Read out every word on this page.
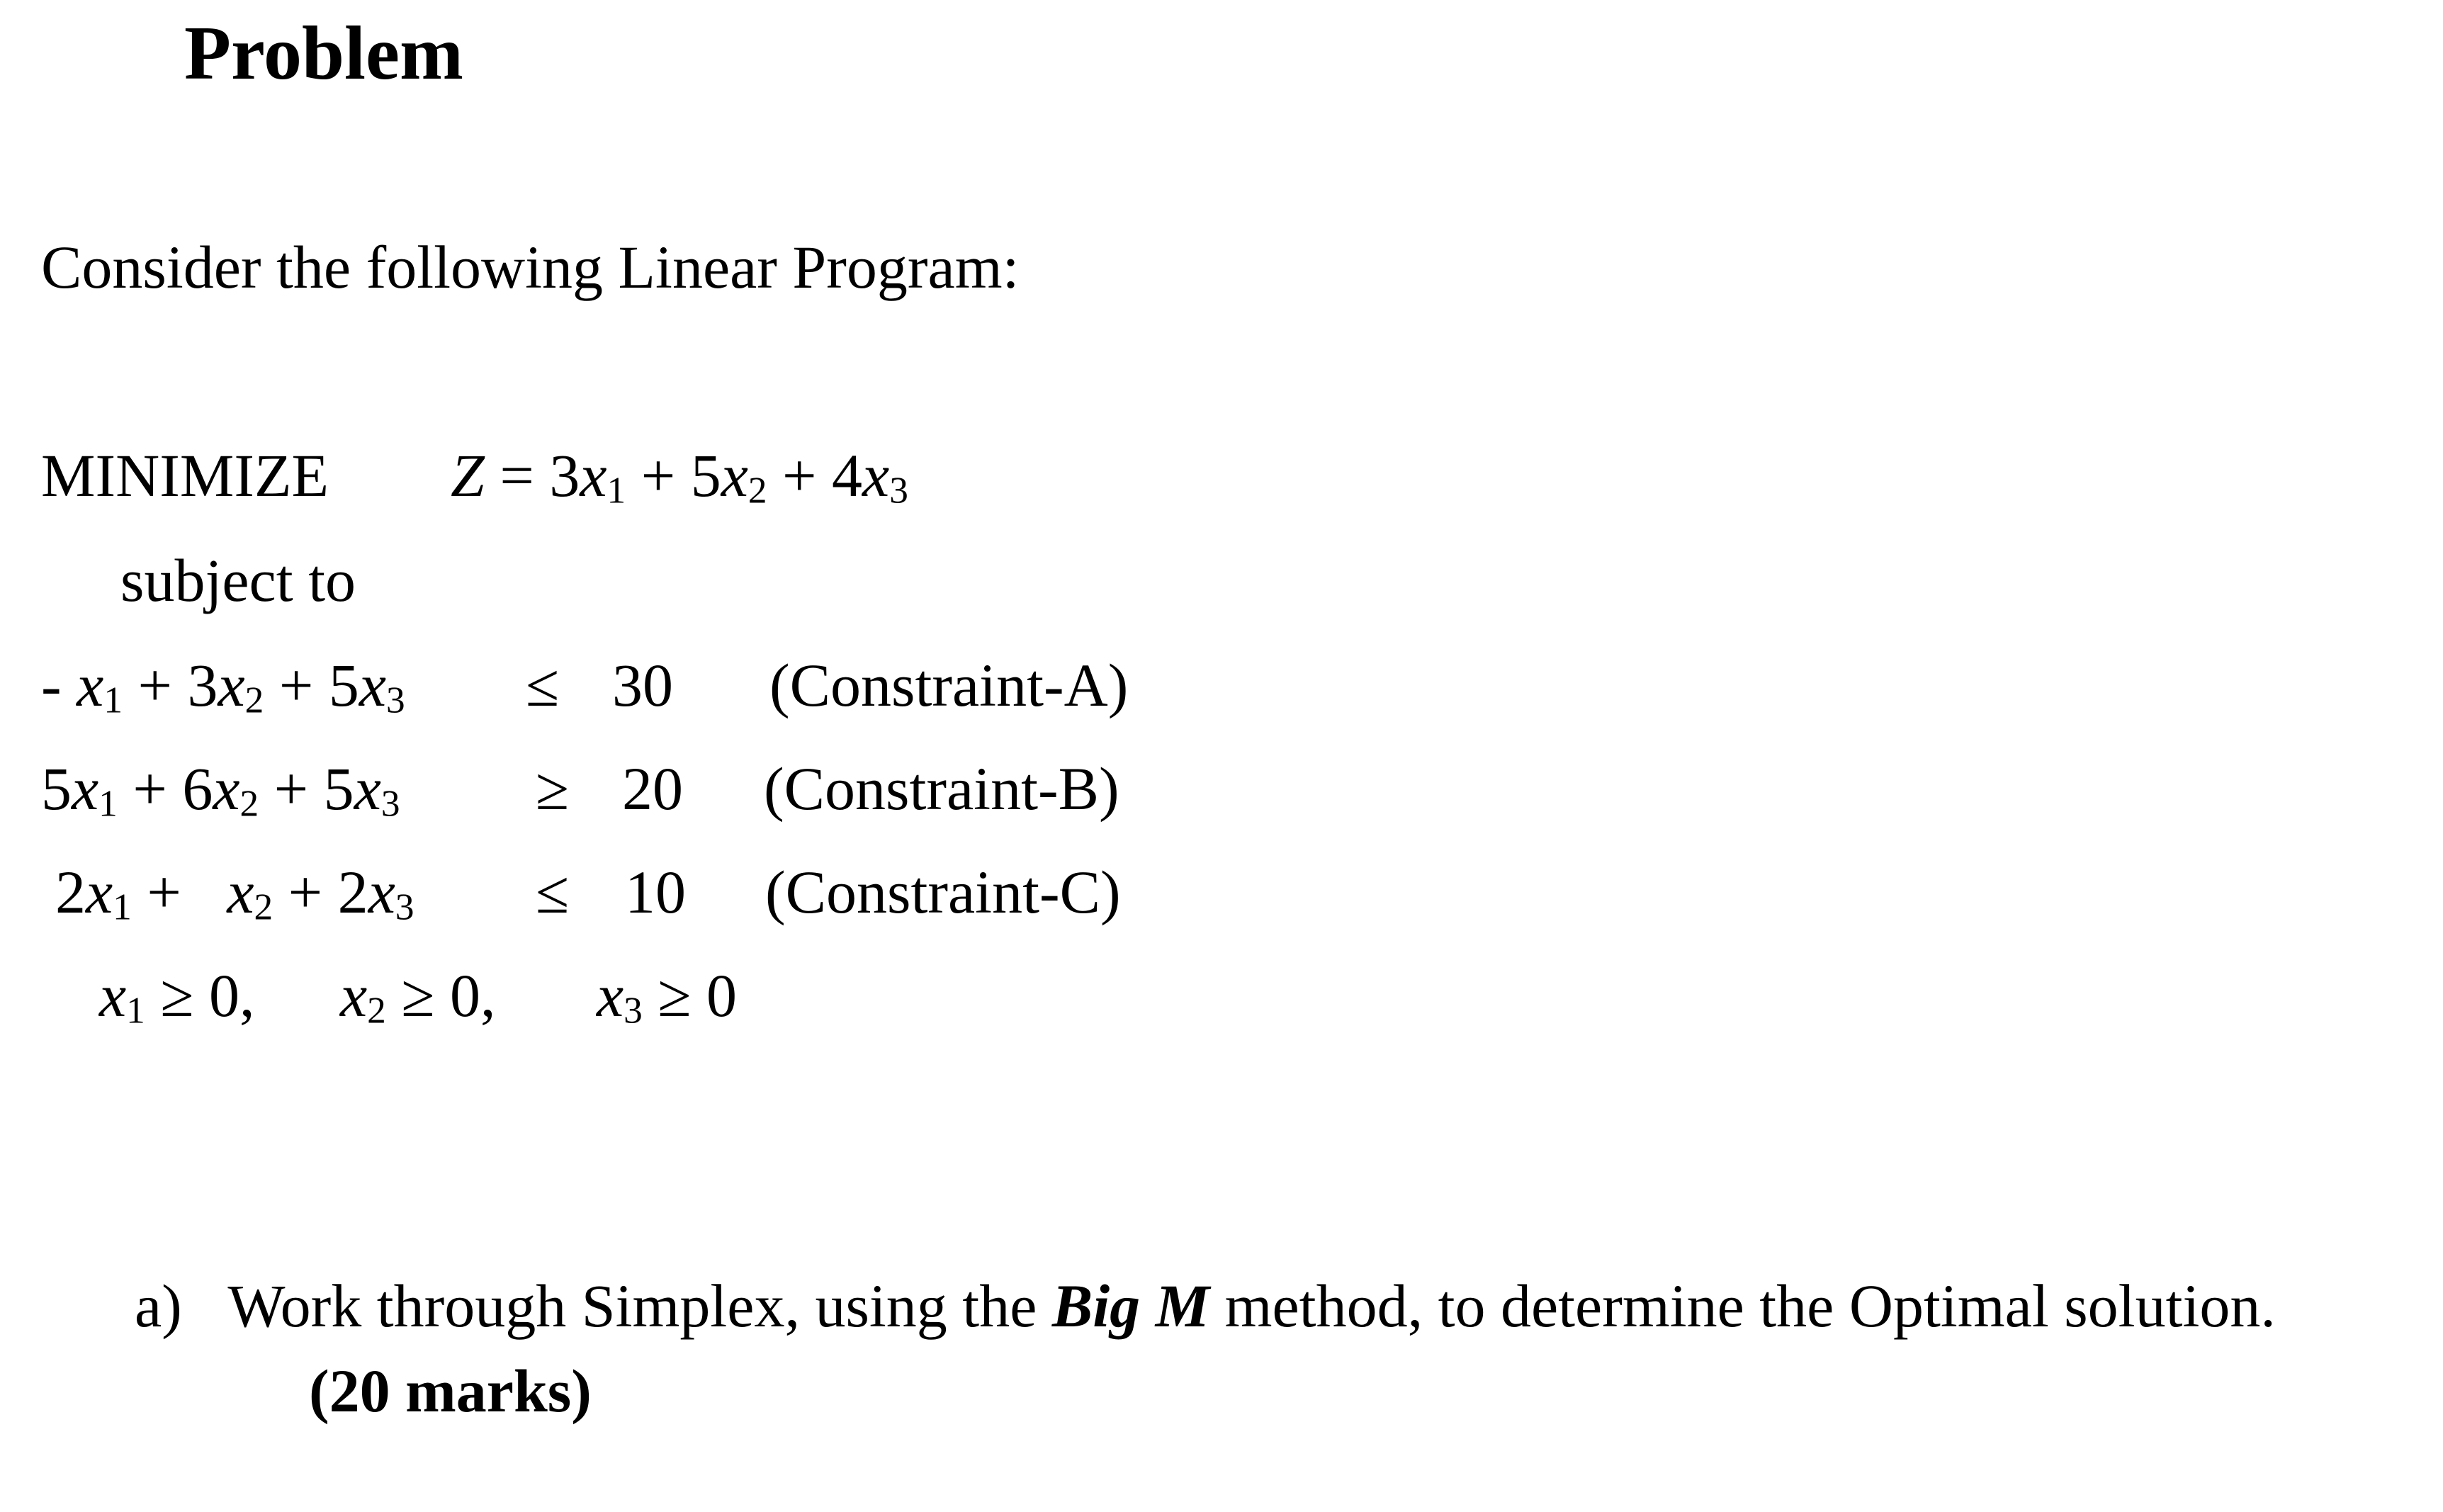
Problem
Consider the following Linear Program:
MINIMIZE $Z = 3x_1 + 5x_2 + 4x_3$
subject to
- $x_1 + 3x_2 + 5x_3 \le 30$ (Constraint-A)
$5x_1 + 6x_2 + 5x_3 \ge 20$ (Constraint-B)
$2x_1 + x_2 + 2x_3 \le 10$ (Constraint-C)
$x_1 \ge 0$, $x_2 \ge 0$, $x_3 \ge 0$
a) Work through Simplex, using the Big M method, to determine the Optimal solution.
(20 marks)
